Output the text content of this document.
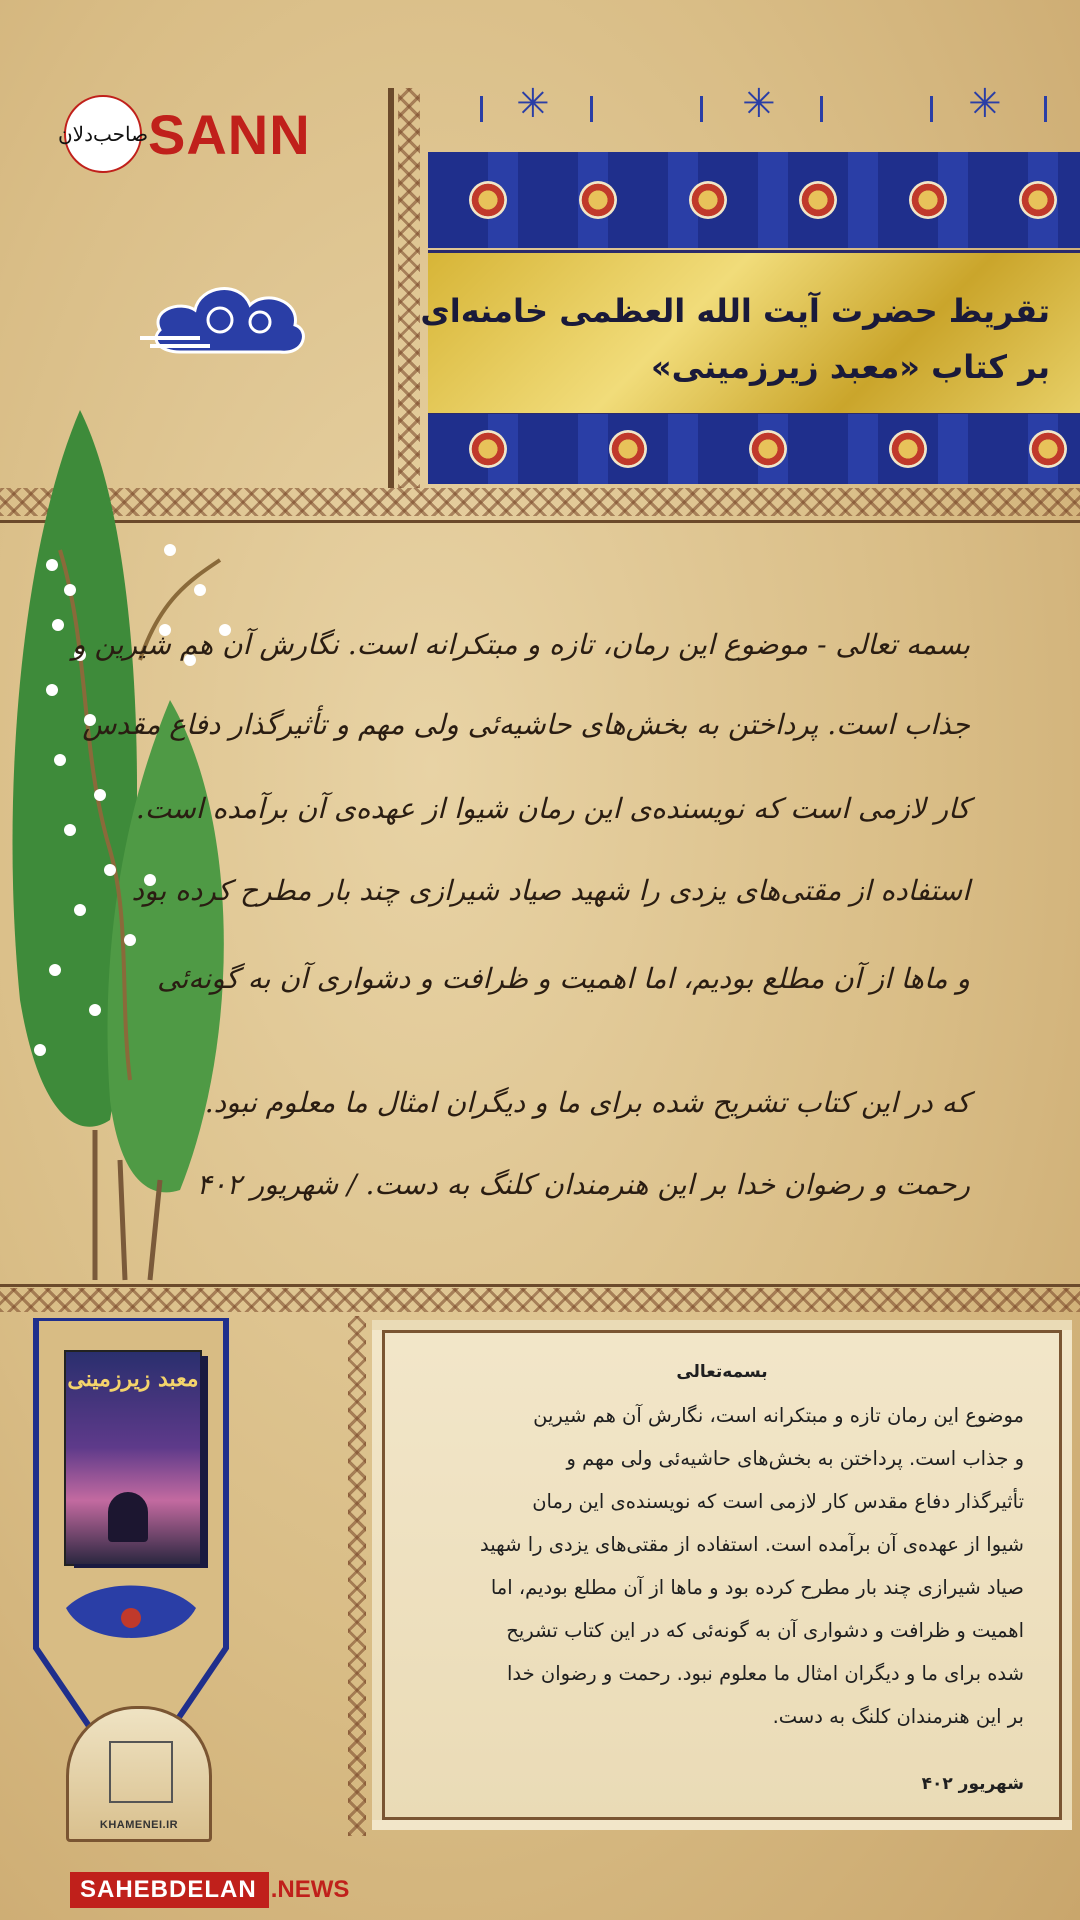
✳	✳	✳
صاحب‌دلان SANN
تقریظ حضرت آیت الله العظمی خامنه‌ای
بر کتاب «معبد زیرزمینی»
بسمه تعالی - موضوع این رمان، تازه و مبتکرانه است. نگارش آن هم شیرین و
جذاب است. پرداختن به بخش‌های حاشیه‌ئی ولی مهم و تأثیرگذار دفاع مقدس
کار لازمی است که نویسنده‌ی این رمان شیوا از عهده‌ی آن برآمده است.
استفاده از مقتی‌های یزدی را شهید صیاد شیرازی چند بار مطرح کرده بود
و ما‌ها از آن مطلع بودیم، اما اهمیت و ظرافت و دشواری آن به گونه‌ئی
که در این کتاب تشریح شده برای ما و دیگران امثال ما معلوم نبود.
رحمت و رضوان خدا بر این هنرمندان کلنگ به دست. / شهریور ۴۰۲
معبد زیرزمینی
KHAMENEI.IR
بسمه‌تعالی

موضوع این رمان تازه و مبتکرانه است، نگارش آن هم شیرین

و جذاب است. پرداختن به بخش‌های حاشیه‌ئی ولی مهم و

تأثیرگذار دفاع مقدس کار لازمی است که نویسنده‌ی این رمان

شیوا از عهده‌ی آن برآمده است. استفاده از مقتی‌های یزدی را شهید

صیاد شیرازی چند بار مطرح کرده بود و ما‌ها از آن مطلع بودیم، اما

اهمیت و ظرافت و دشواری آن به گونه‌ئی که در این کتاب تشریح

شده برای ما و دیگران امثال ما معلوم نبود. رحمت و رضوان خدا

بر این هنرمندان کلنگ به دست.

شهریور ۴۰۲
SAHEBDELAN .NEWS
